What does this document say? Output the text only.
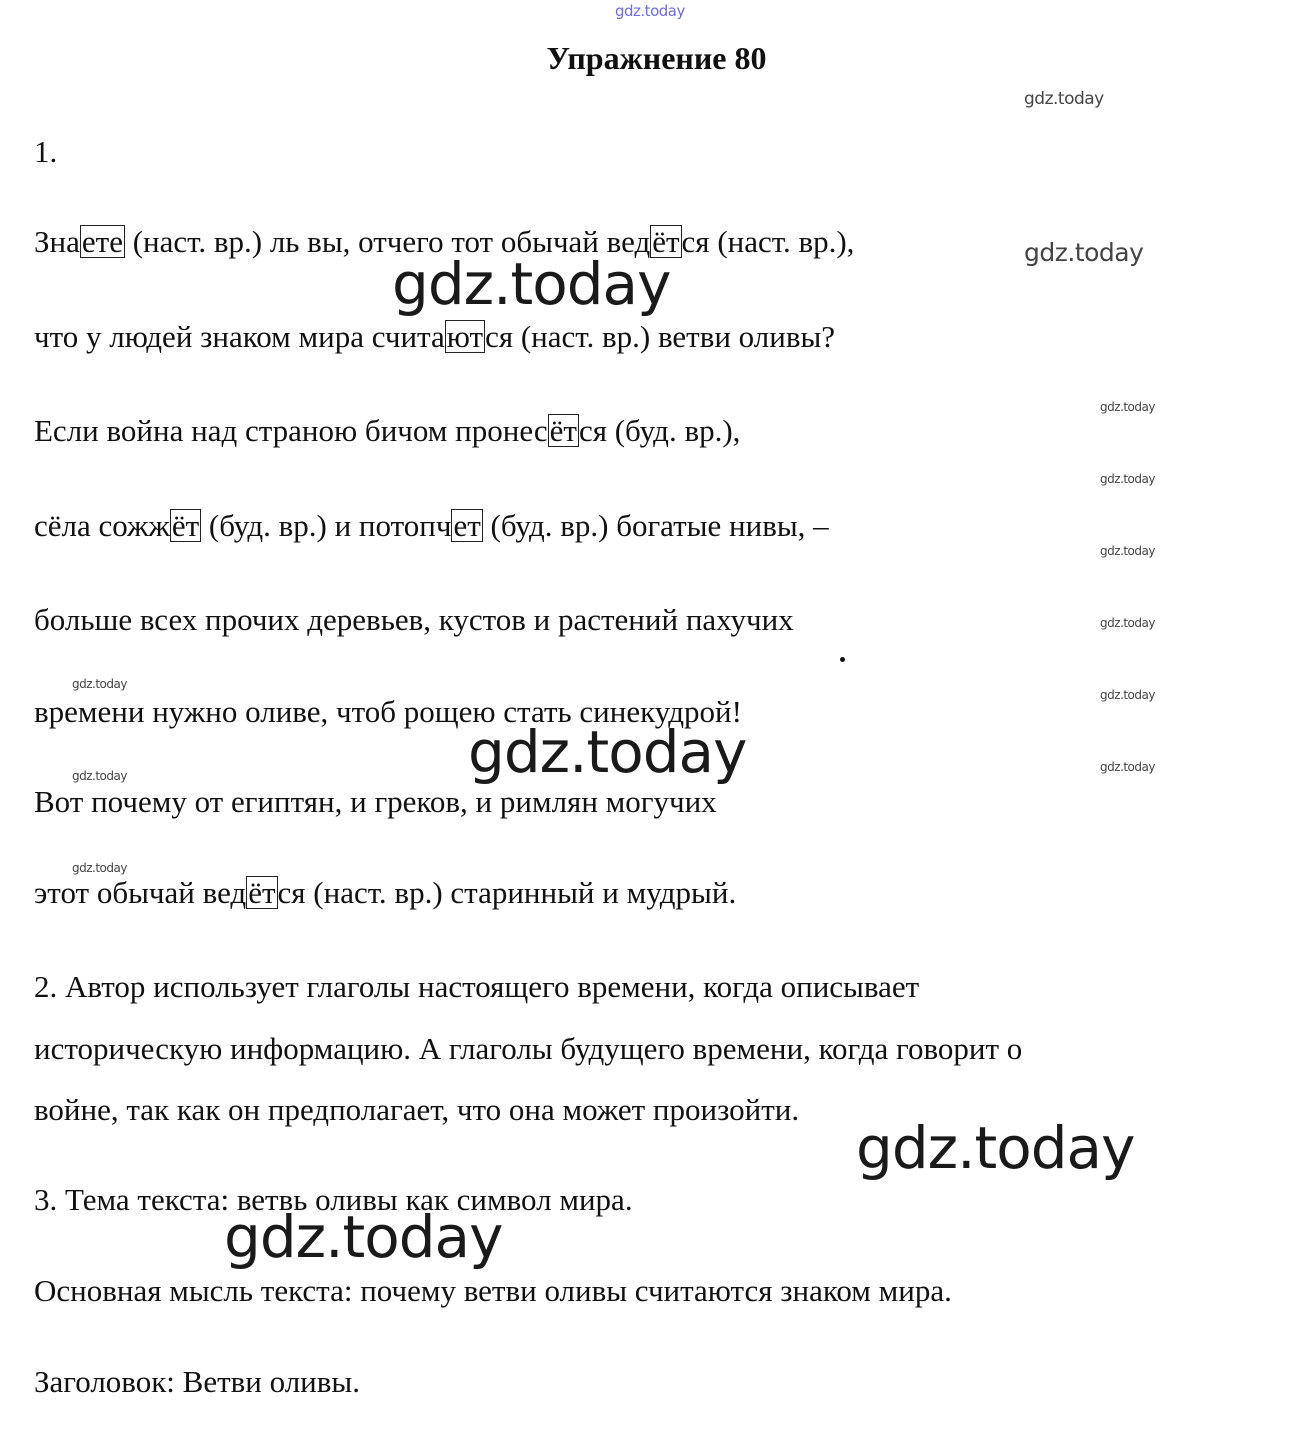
gdz.today
gdz.today
gdz.today
gdz.today
gdz.today
gdz.today
gdz.today
gdz.today
gdz.today
gdz.today
gdz.today
gdz.today
gdz.today
gdz.today
gdz.today
gdz.today
Упражнение 80
1.
Знаете (наст. вр.) ль вы, отчего тот обычай ведётся (наст. вр.),
что у людей знаком мира считаются (наст. вр.) ветви оливы?
Если война над страною бичом пронесётся (буд. вр.),
сёла сожжёт (буд. вр.) и потопчет (буд. вр.) богатые нивы, –
больше всех прочих деревьев, кустов и растений пахучих
времени нужно оливе, чтоб рощею стать синекудрой!
Вот почему от египтян, и греков, и римлян могучих
этот обычай ведётся (наст. вр.) старинный и мудрый.
2. Автор использует глаголы настоящего времени, когда описывает
историческую информацию. А глаголы будущего времени, когда говорит о
войне, так как он предполагает, что она может произойти.
3. Тема текста: ветвь оливы как символ мира.
Основная мысль текста: почему ветви оливы считаются знаком мира.
Заголовок: Ветви оливы.
